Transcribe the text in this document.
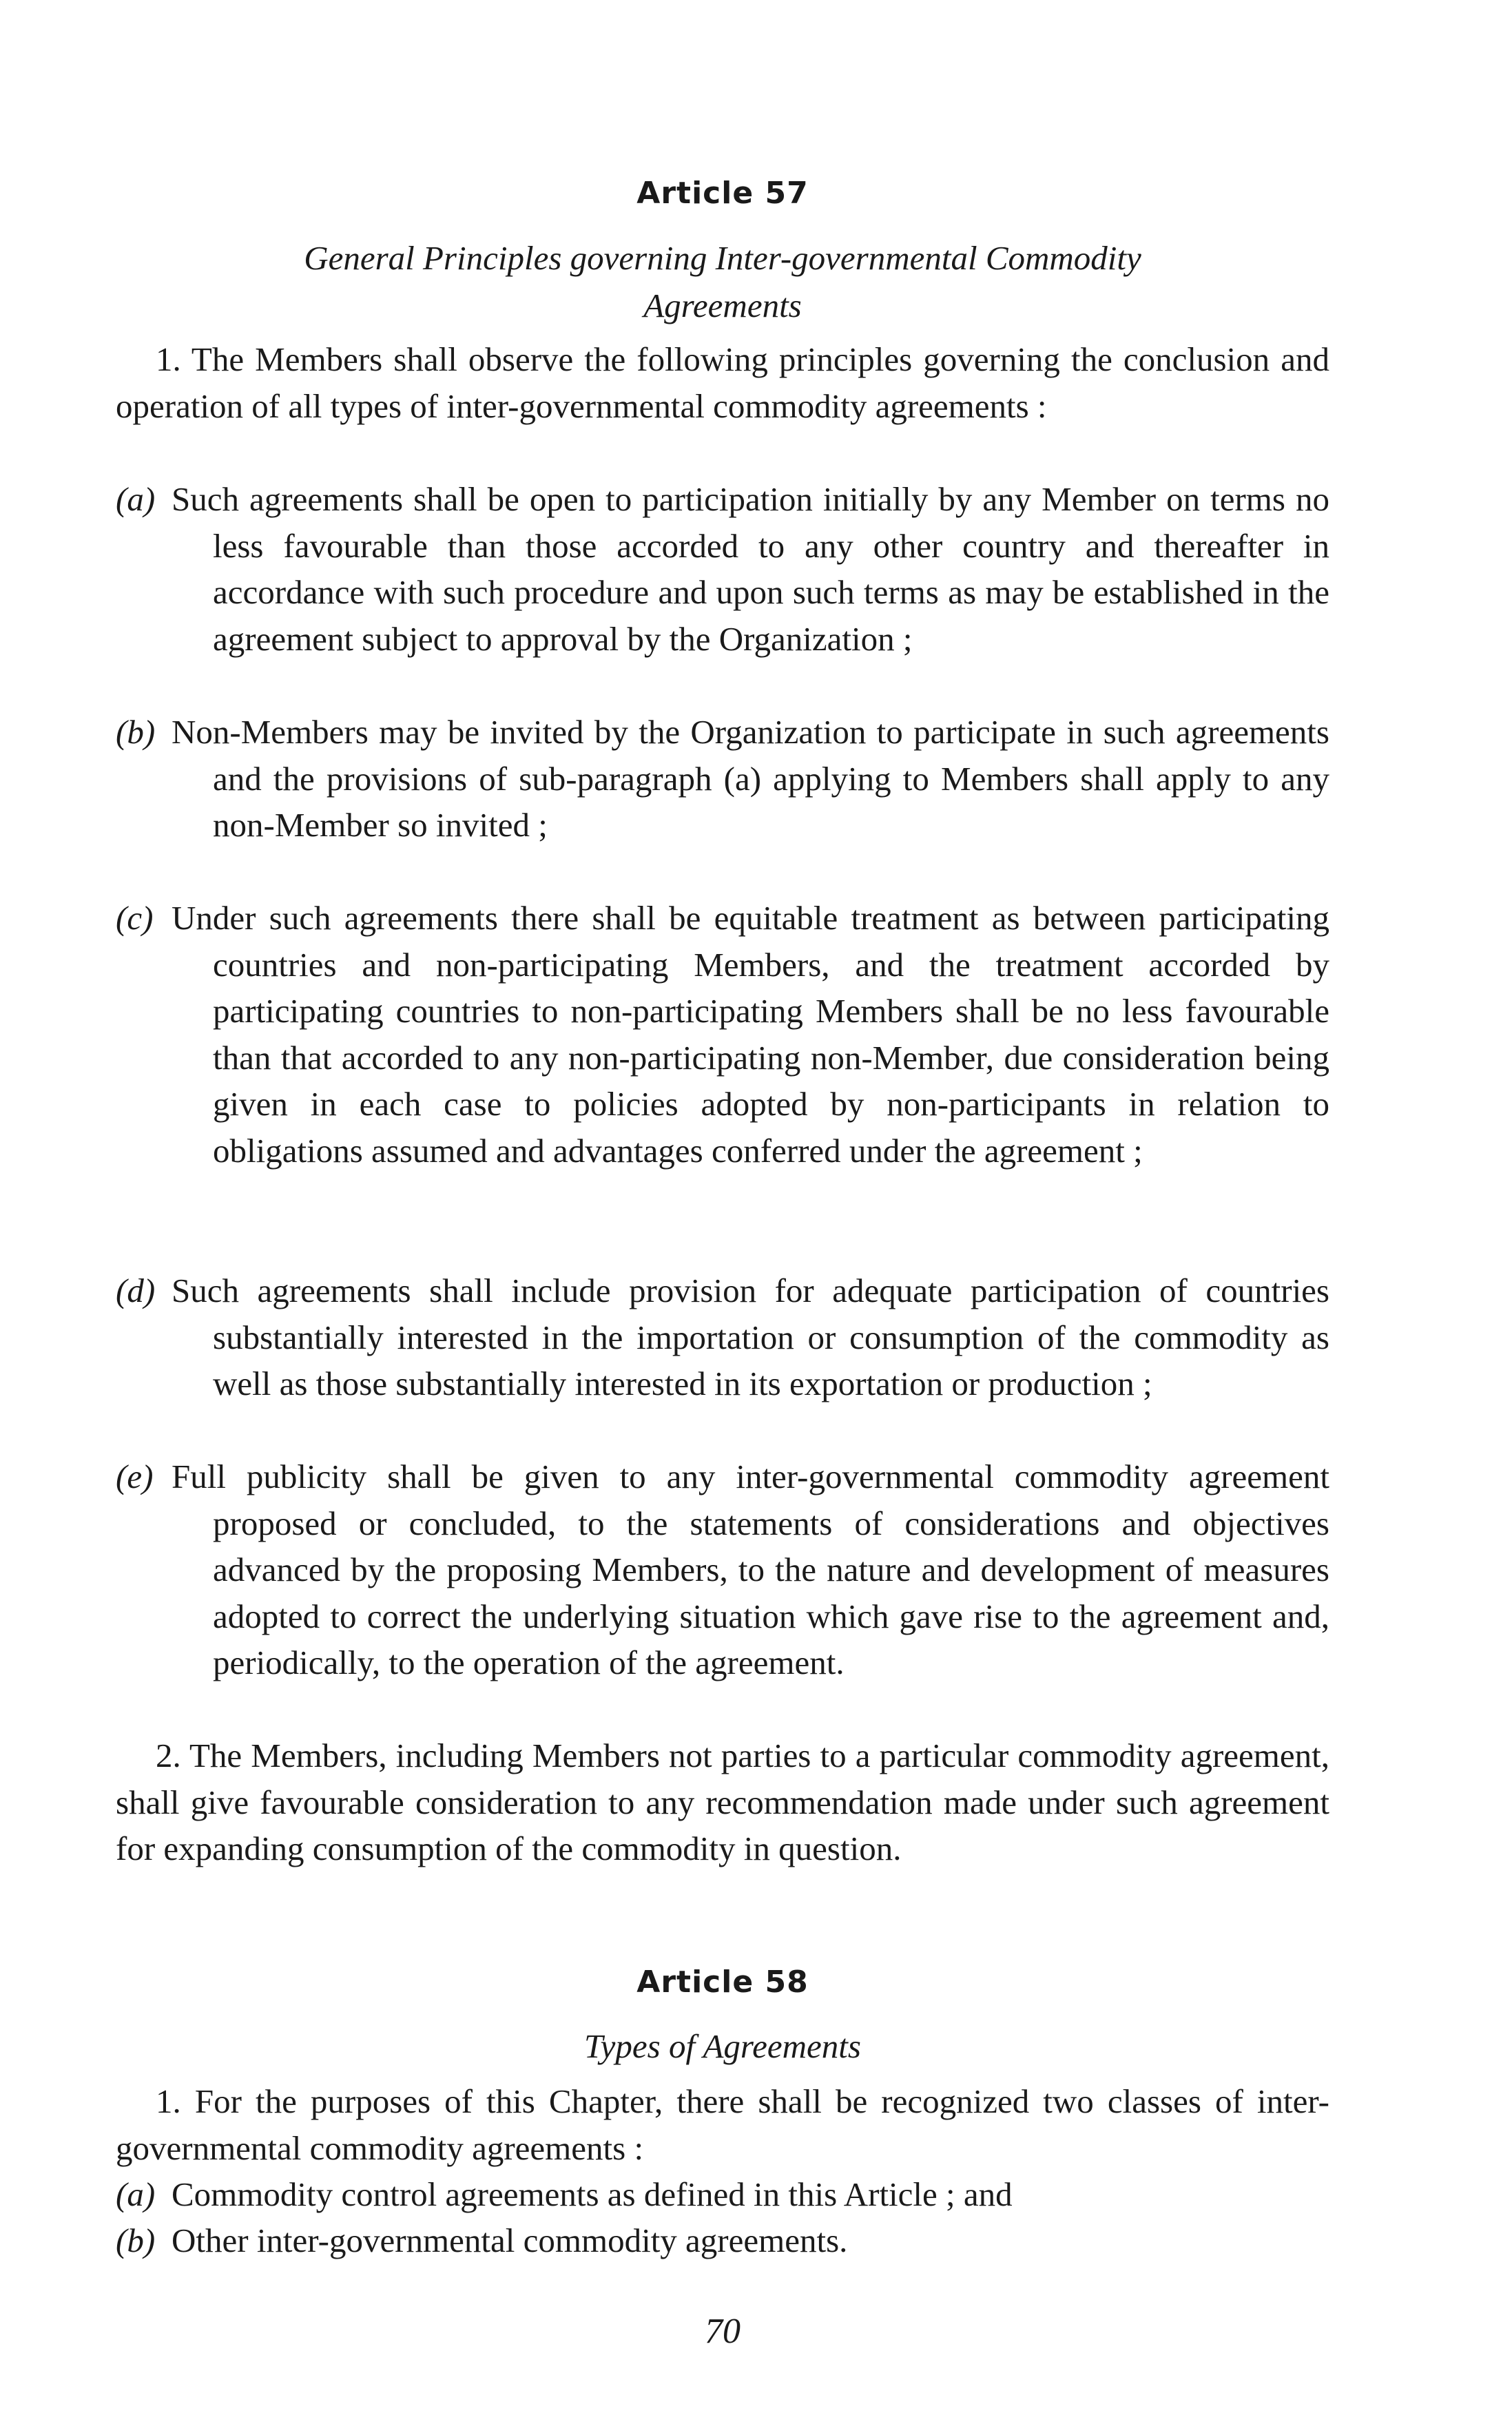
Article 57
General Principles governing Inter-governmental Commodity
Agreements
1. The Members shall observe the following principles governing the conclusion and operation of all types of inter-governmental commodity agreements :
(a) Such agreements shall be open to participation initially by any Member on terms no less favourable than those accorded to any other country and thereafter in accordance with such procedure and upon such terms as may be established in the agreement subject to approval by the Organization ;
(b) Non-Members may be invited by the Organization to participate in such agreements and the provisions of sub-paragraph (a) applying to Members shall apply to any non-Member so invited ;
(c) Under such agreements there shall be equitable treatment as between participating countries and non-participating Members, and the treatment accorded by participating countries to non-participating Members shall be no less favourable than that accorded to any non-participating non-Member, due consideration being given in each case to policies adopted by non-participants in relation to obligations assumed and advantages conferred under the agreement ;
(d) Such agreements shall include provision for adequate participation of countries substantially interested in the importation or consumption of the commodity as well as those substantially interested in its exportation or production ;
(e) Full publicity shall be given to any inter-governmental commodity agreement proposed or concluded, to the statements of considerations and objectives advanced by the proposing Members, to the nature and development of measures adopted to correct the underlying situation which gave rise to the agreement and, periodically, to the operation of the agreement.
2. The Members, including Members not parties to a particular commodity agreement, shall give favourable consideration to any recommendation made under such agreement for expanding consumption of the commodity in question.
Article 58
Types of Agreements
1. For the purposes of this Chapter, there shall be recognized two classes of inter-governmental commodity agreements :
(a) Commodity control agreements as defined in this Article ; and
(b) Other inter-governmental commodity agreements.
70
